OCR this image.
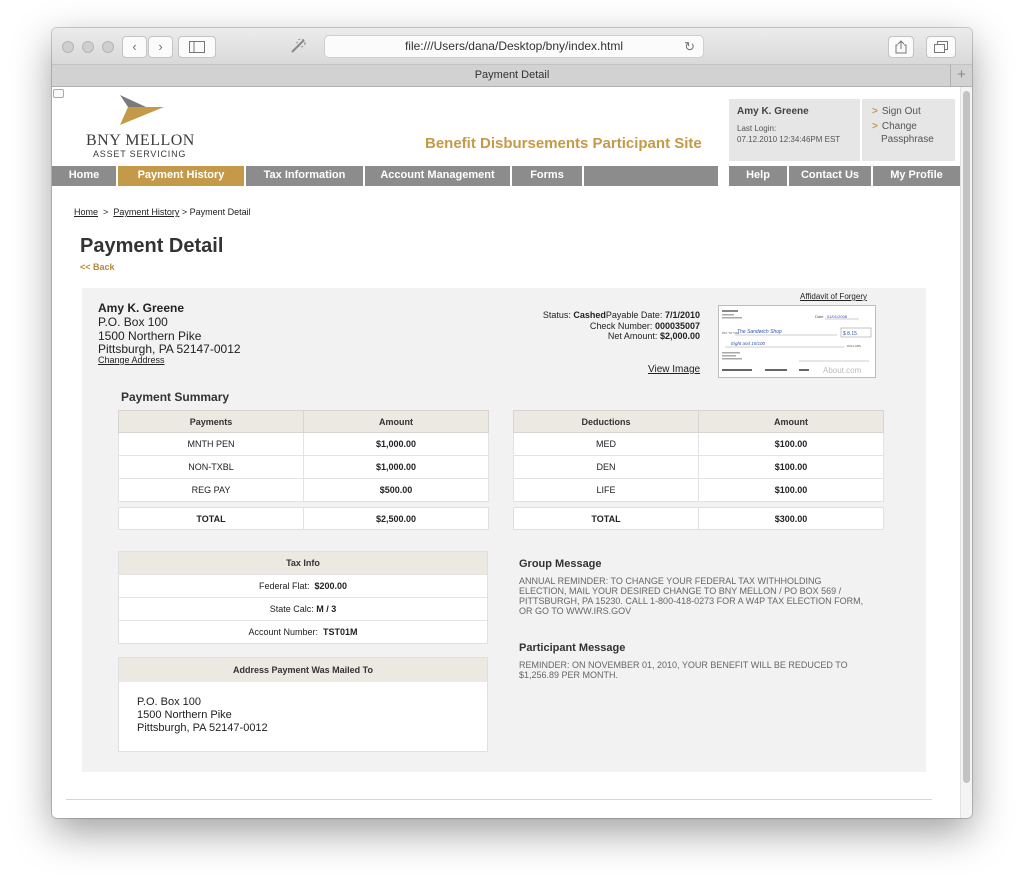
‹	›	file:///Users/dana/Desktop/bny/index.html	↻
Payment Detail	+
BNY MELLON
ASSET SERVICING
Benefit Disbursements Participant Site
Amy K. Greene
Last Login:
07.12.2010 12:34:46PM EST
> Sign Out
> Change
Passphrase
Home	Payment History	Tax Information	Account Management	Forms	Help	Contact Us	My Profile
Home > Payment History > Payment Detail
Payment Detail
<< Back
Amy K. Greene
P.O. Box 100
1500 Northern Pike
Pittsburgh, PA 52147-0012
Change Address
Status: CashedPayable Date: 7/1/2010
Check Number: 000035007
Net Amount: $2,000.00
Affidavit of Forgery
View Image
Date 01/01/2008
PAY TO THE
The Sandwich Shop	$ 8.15
Eight and 15/100	DOLLARS
About.com
Payment Summary
Payments	Amount
MNTH PEN	$1,000.00
NON-TXBL	$1,000.00
REG PAY	$500.00
TOTAL	$2,500.00
Deductions	Amount
MED	$100.00
DEN	$100.00
LIFE	$100.00
TOTAL	$300.00
Tax Info
Federal Flat: $200.00
State Calc: M / 3
Account Number: TST01M
Address Payment Was Mailed To
P.O. Box 100
1500 Northern Pike
Pittsburgh, PA 52147-0012
Group Message
ANNUAL REMINDER: TO CHANGE YOUR FEDERAL TAX WITHHOLDING
ELECTION, MAIL YOUR DESIRED CHANGE TO BNY MELLON / PO BOX 569 /
PITTSBURGH, PA 15230. CALL 1-800-418-0273 FOR A W4P TAX ELECTION FORM,
OR GO TO WWW.IRS.GOV
Participant Message
REMINDER: ON NOVEMBER 01, 2010, YOUR BENEFIT WILL BE REDUCED TO
$1,256.89 PER MONTH.
